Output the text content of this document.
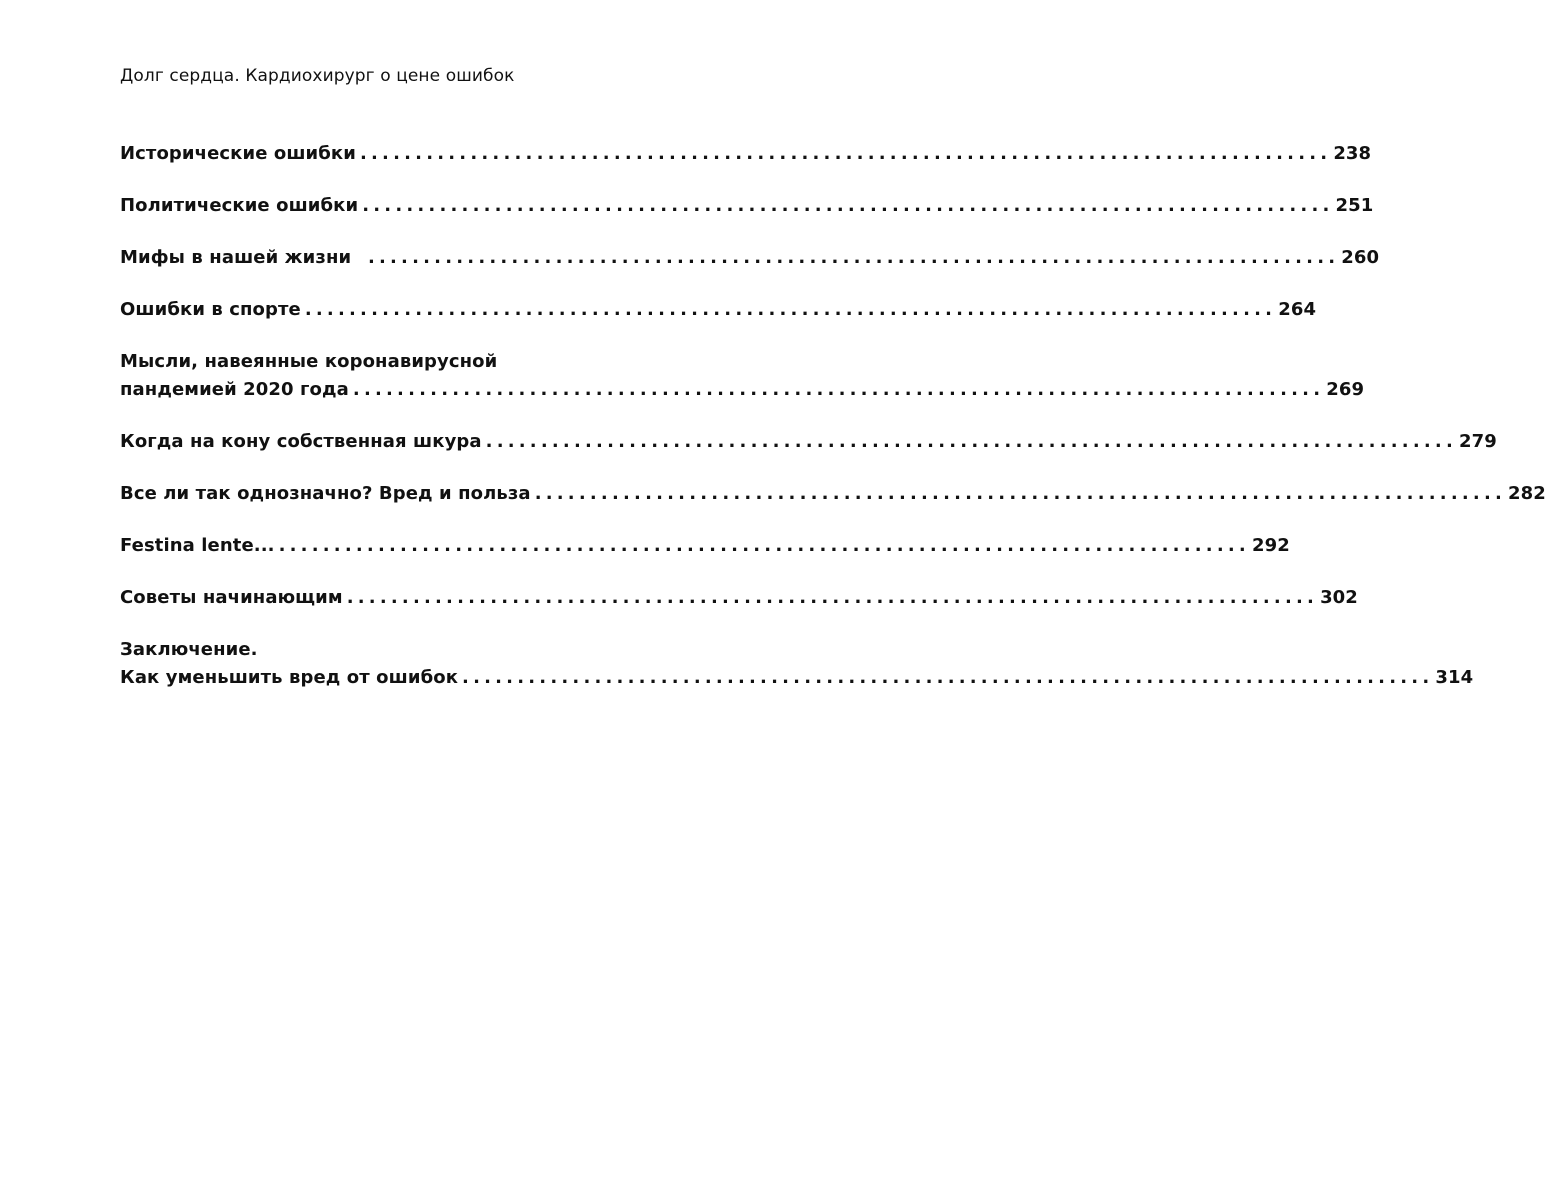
Долг сердца. Кардиохирург о цене ошибок
Исторические ошибки ........................................................................................ 238
Политические ошибки ........................................................................................ 251
Мифы в нашей жизни ........................................................................................ 260
Ошибки в спорте ........................................................................................ 264
Мысли, навеянные коронавирусной
пандемией 2020 года ........................................................................................ 269
Когда на кону собственная шкура ........................................................................................ 279
Все ли так однозначно? Вред и польза ........................................................................................ 282
Festina lente... ........................................................................................ 292
Советы начинающим ........................................................................................ 302
Заключение.
Как уменьшить вред от ошибок ........................................................................................ 314
